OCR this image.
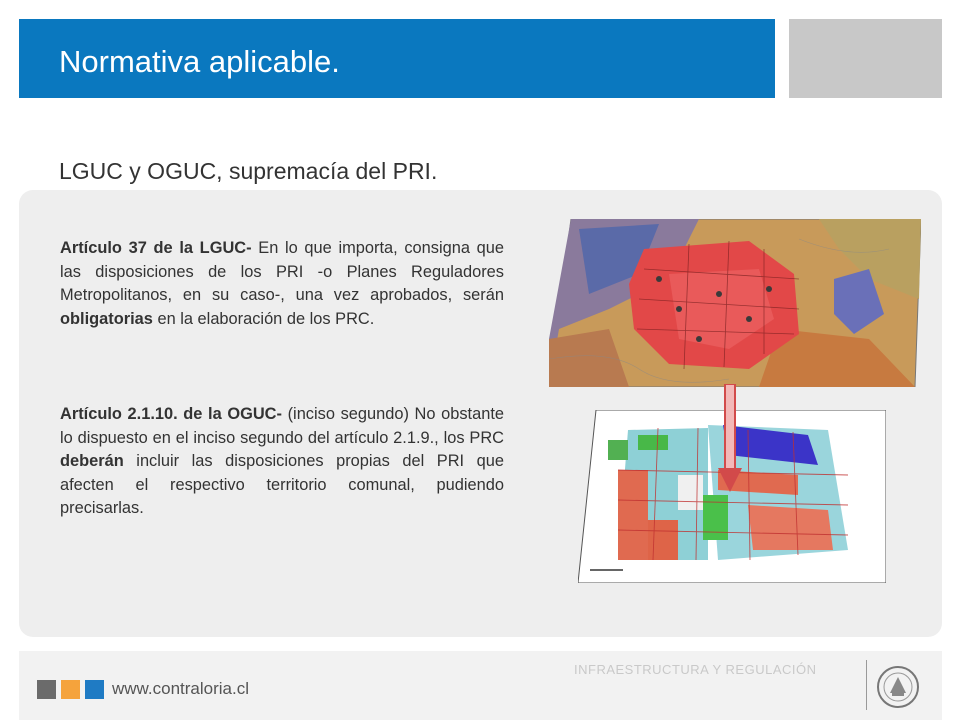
Normativa aplicable.
LGUC y OGUC, supremacía del PRI.
Artículo 37 de la LGUC- En lo que importa, consigna que las disposiciones de los PRI -o Planes Reguladores Metropolitanos, en su caso-, una vez aprobados, serán obligatorias en la elaboración de los PRC.
Artículo 2.1.10. de la OGUC- (inciso segundo) No obstante lo dispuesto en el inciso segundo del artículo 2.1.9., los PRC deberán incluir las disposiciones propias del PRI que afecten el respectivo territorio comunal, pudiendo
precisarlas.
www.contraloria.cl
INFRAESTRUCTURA Y REGULACIÓN
